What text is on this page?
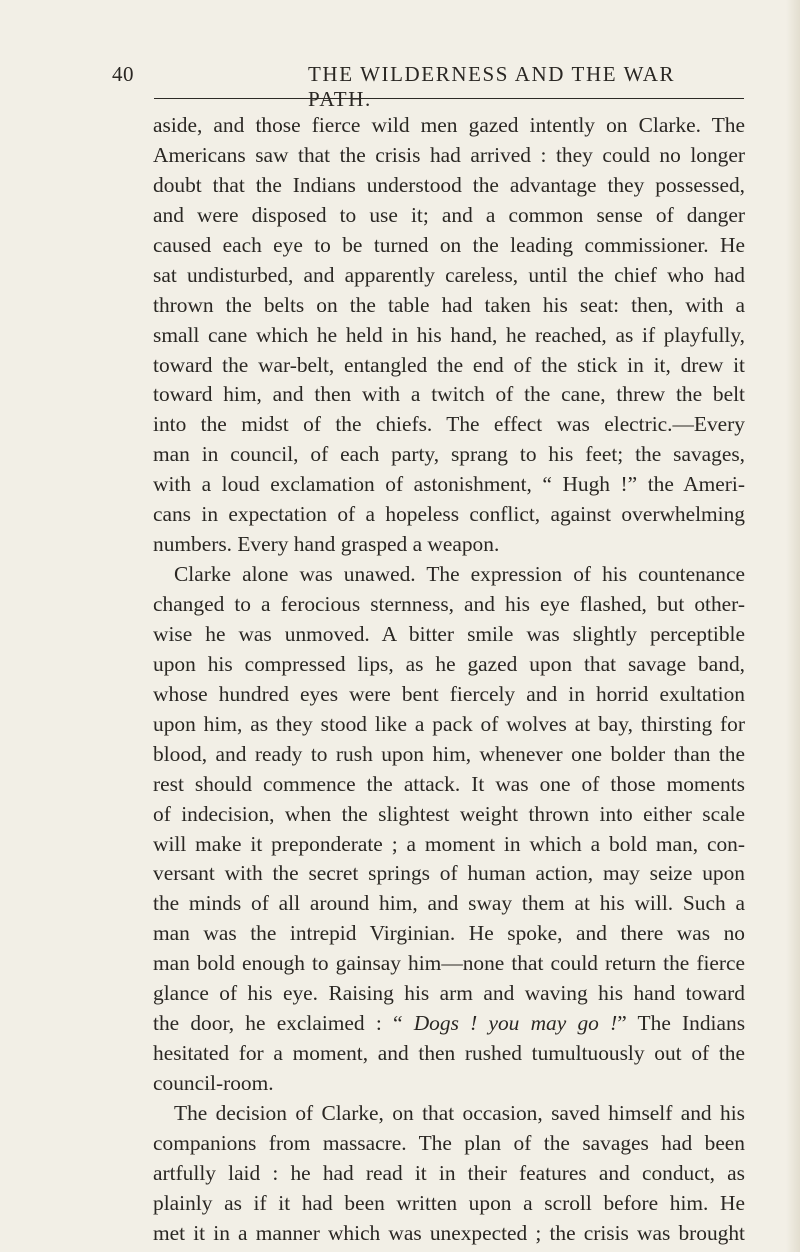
40	THE WILDERNESS AND THE WAR PATH.
aside, and those fierce wild men gazed intently on Clarke. The
Americans saw that the crisis had arrived : they could no longer
doubt that the Indians understood the advantage they possessed,
and were disposed to use it; and a common sense of danger
caused each eye to be turned on the leading commissioner. He
sat undisturbed, and apparently careless, until the chief who had
thrown the belts on the table had taken his seat: then, with a
small cane which he held in his hand, he reached, as if playfully,
toward the war-belt, entangled the end of the stick in it, drew it
toward him, and then with a twitch of the cane, threw the belt
into the midst of the chiefs. The effect was electric.—Every
man in council, of each party, sprang to his feet; the savages,
with a loud exclamation of astonishment, “ Hugh !” the Ameri-
cans in expectation of a hopeless conflict, against overwhelming
numbers. Every hand grasped a weapon.
Clarke alone was unawed. The expression of his countenance
changed to a ferocious sternness, and his eye flashed, but other-
wise he was unmoved. A bitter smile was slightly perceptible
upon his compressed lips, as he gazed upon that savage band,
whose hundred eyes were bent fiercely and in horrid exultation
upon him, as they stood like a pack of wolves at bay, thirsting for
blood, and ready to rush upon him, whenever one bolder than the
rest should commence the attack. It was one of those moments
of indecision, when the slightest weight thrown into either scale
will make it preponderate ; a moment in which a bold man, con-
versant with the secret springs of human action, may seize upon
the minds of all around him, and sway them at his will. Such a
man was the intrepid Virginian. He spoke, and there was no
man bold enough to gainsay him—none that could return the fierce
glance of his eye. Raising his arm and waving his hand toward
the door, he exclaimed : “ Dogs ! you may go !” The Indians
hesitated for a moment, and then rushed tumultuously out of the
council-room.
The decision of Clarke, on that occasion, saved himself and his
companions from massacre. The plan of the savages had been
artfully laid : he had read it in their features and conduct, as
plainly as if it had been written upon a scroll before him. He
met it in a manner which was unexpected ; the crisis was brought
